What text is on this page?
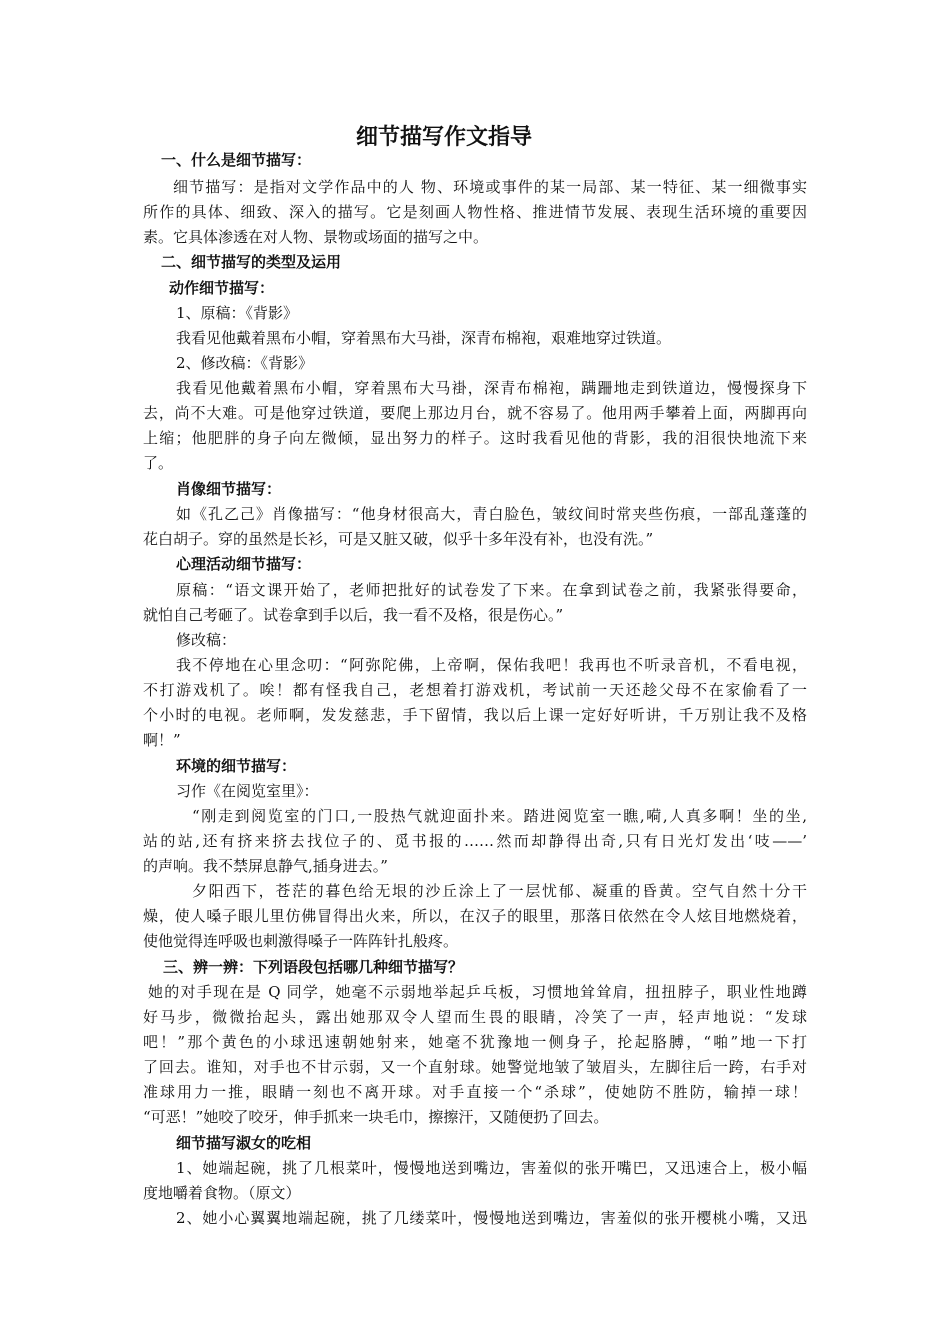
细节描写作文指导
一、什么是细节描写：
细节描写：是指对文学作品中的人 物、环境或事件的某一局部、某一特征、某一细微事实
所作的具体、细致、深入的描写。它是刻画人物性格、推进情节发展、表现生活环境的重要因
素。它具体渗透在对人物、景物或场面的描写之中。
二、细节描写的类型及运用
动作细节描写：
1、原稿：《背影》
我看见他戴着黑布小帽，穿着黑布大马褂，深青布棉袍，艰难地穿过铁道。
2、修改稿：《背影》
我看见他戴着黑布小帽，穿着黑布大马褂，深青布棉袍，蹒跚地走到铁道边，慢慢探身下
去，尚不大难。可是他穿过铁道，要爬上那边月台，就不容易了。他用两手攀着上面，两脚再向
上缩；他肥胖的身子向左微倾，显出努力的样子。这时我看见他的背影，我的泪很快地流下来
了。
肖像细节描写：
如《孔乙己》肖像描写：“他身材很高大，青白脸色，皱纹间时常夹些伤痕，一部乱蓬蓬的
花白胡子。穿的虽然是长衫，可是又脏又破，似乎十多年没有补，也没有洗。”
心理活动细节描写：
原稿：“语文课开始了，老师把批好的试卷发了下来。在拿到试卷之前，我紧张得要命，
就怕自己考砸了。试卷拿到手以后，我一看不及格，很是伤心。”
修改稿：
我不停地在心里念叨：“阿弥陀佛，上帝啊，保佑我吧！我再也不听录音机，不看电视，
不打游戏机了。唉！都有怪我自己，老想着打游戏机，考试前一天还趁父母不在家偷看了一
个小时的电视。老师啊，发发慈悲，手下留情，我以后上课一定好好听讲，千万别让我不及格
啊！”
环境的细节描写：
习作《在阅览室里》：
“刚走到阅览室的门口,一股热气就迎面扑来。踏进阅览室一瞧,嗬,人真多啊！坐的坐,
站的站,还有挤来挤去找位子的、觅书报的……然而却静得出奇,只有日光灯发出‘吱——’
的声响。我不禁屏息静气,插身进去。”
夕阳西下，苍茫的暮色给无垠的沙丘涂上了一层忧郁、凝重的昏黄。空气自然十分干
燥，使人嗓子眼儿里仿佛冒得出火来，所以，在汉子的眼里，那落日依然在令人炫目地燃烧着，
使他觉得连呼吸也刺激得嗓子一阵阵针扎般疼。
三、辨一辨：下列语段包括哪几种细节描写？
她的对手现在是 Q 同学，她毫不示弱地举起乒乓板，习惯地耸耸肩，扭扭脖子，职业性地蹲
好马步，微微抬起头，露出她那双令人望而生畏的眼睛，冷笑了一声，轻声地说：“发球
吧！”那个黄色的小球迅速朝她射来，她毫不犹豫地一侧身子，抡起胳膊，“啪”地一下打
了回去。谁知，对手也不甘示弱，又一个直射球。她警觉地皱了皱眉头，左脚往后一跨，右手对
准球用力一推，眼睛一刻也不离开球。对手直接一个“杀球”，使她防不胜防，输掉一球！
“可恶！”她咬了咬牙，伸手抓来一块毛巾，擦擦汗，又随便扔了回去。
细节描写淑女的吃相
1、她端起碗，挑了几根菜叶，慢慢地送到嘴边，害羞似的张开嘴巴，又迅速合上，极小幅
度地嚼着食物。（原文）
2、她小心翼翼地端起碗，挑了几缕菜叶，慢慢地送到嘴边，害羞似的张开樱桃小嘴，又迅
